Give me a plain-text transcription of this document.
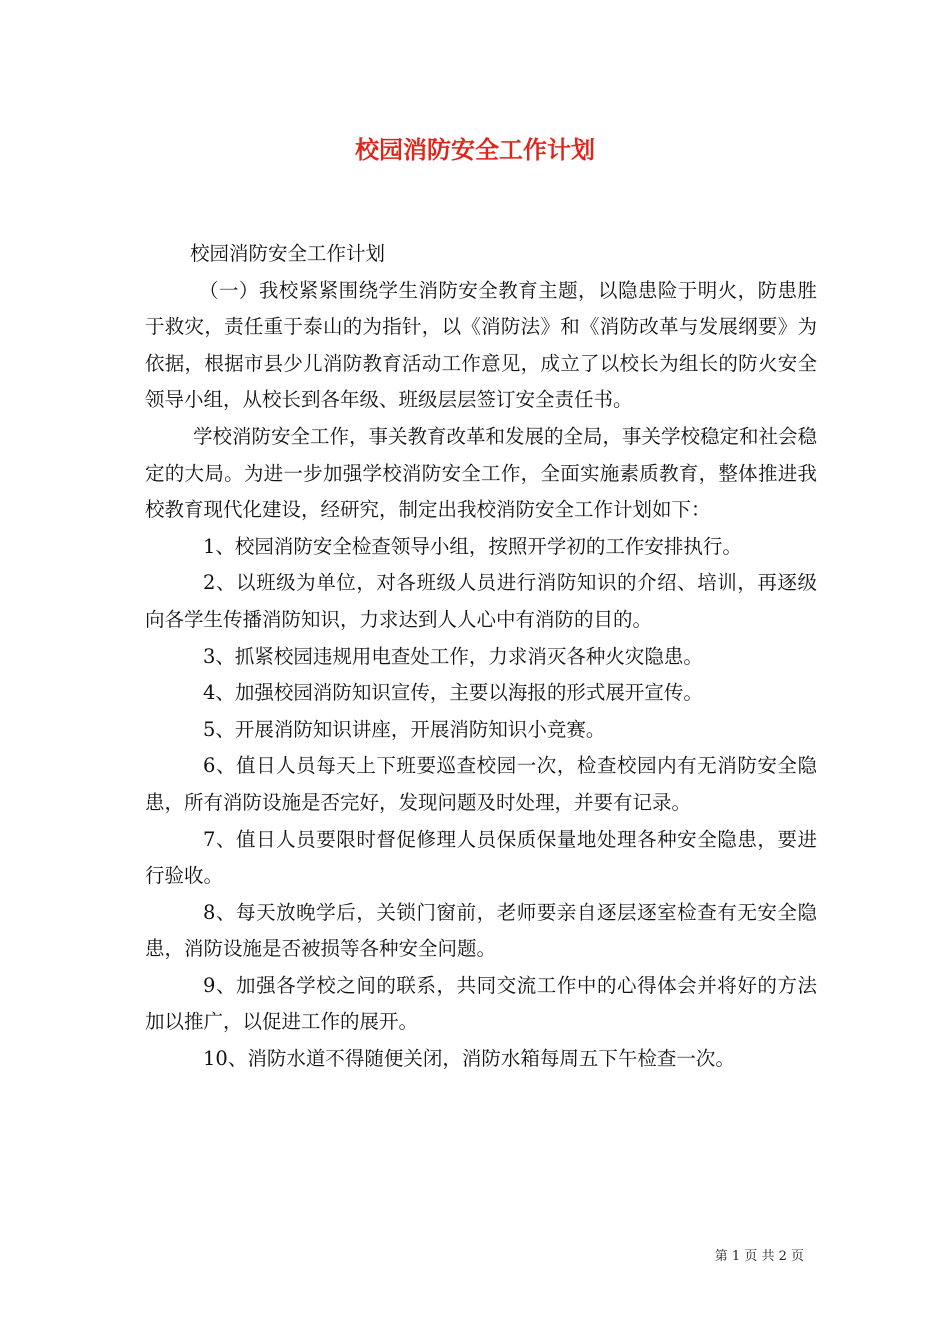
校园消防安全工作计划

校园消防安全工作计划

（一）我校紧紧围绕学生消防安全教育主题，以隐患险于明火，防患胜于救灾，责任重于泰山的为指针，以《消防法》和《消防改革与发展纲要》为依据，根据市县少儿消防教育活动工作意见，成立了以校长为组长的防火安全领导小组，从校长到各年级、班级层层签订安全责任书。

学校消防安全工作，事关教育改革和发展的全局，事关学校稳定和社会稳定的大局。为进一步加强学校消防安全工作，全面实施素质教育，整体推进我校教育现代化建设，经研究，制定出我校消防安全工作计划如下：

1、校园消防安全检查领导小组，按照开学初的工作安排执行。

2、以班级为单位，对各班级人员进行消防知识的介绍、培训，再逐级向各学生传播消防知识，力求达到人人心中有消防的目的。

3、抓紧校园违规用电查处工作，力求消灭各种火灾隐患。

4、加强校园消防知识宣传，主要以海报的形式展开宣传。

5、开展消防知识讲座，开展消防知识小竞赛。

6、值日人员每天上下班要巡查校园一次，检查校园内有无消防安全隐患，所有消防设施是否完好，发现问题及时处理，并要有记录。

7、值日人员要限时督促修理人员保质保量地处理各种安全隐患，要进行验收。

8、每天放晚学后，关锁门窗前，老师要亲自逐层逐室检查有无安全隐患，消防设施是否被损等各种安全问题。

9、加强各学校之间的联系，共同交流工作中的心得体会并将好的方法加以推广，以促进工作的展开。

10、消防水道不得随便关闭，消防水箱每周五下午检查一次。

第 1 页 共 2 页
